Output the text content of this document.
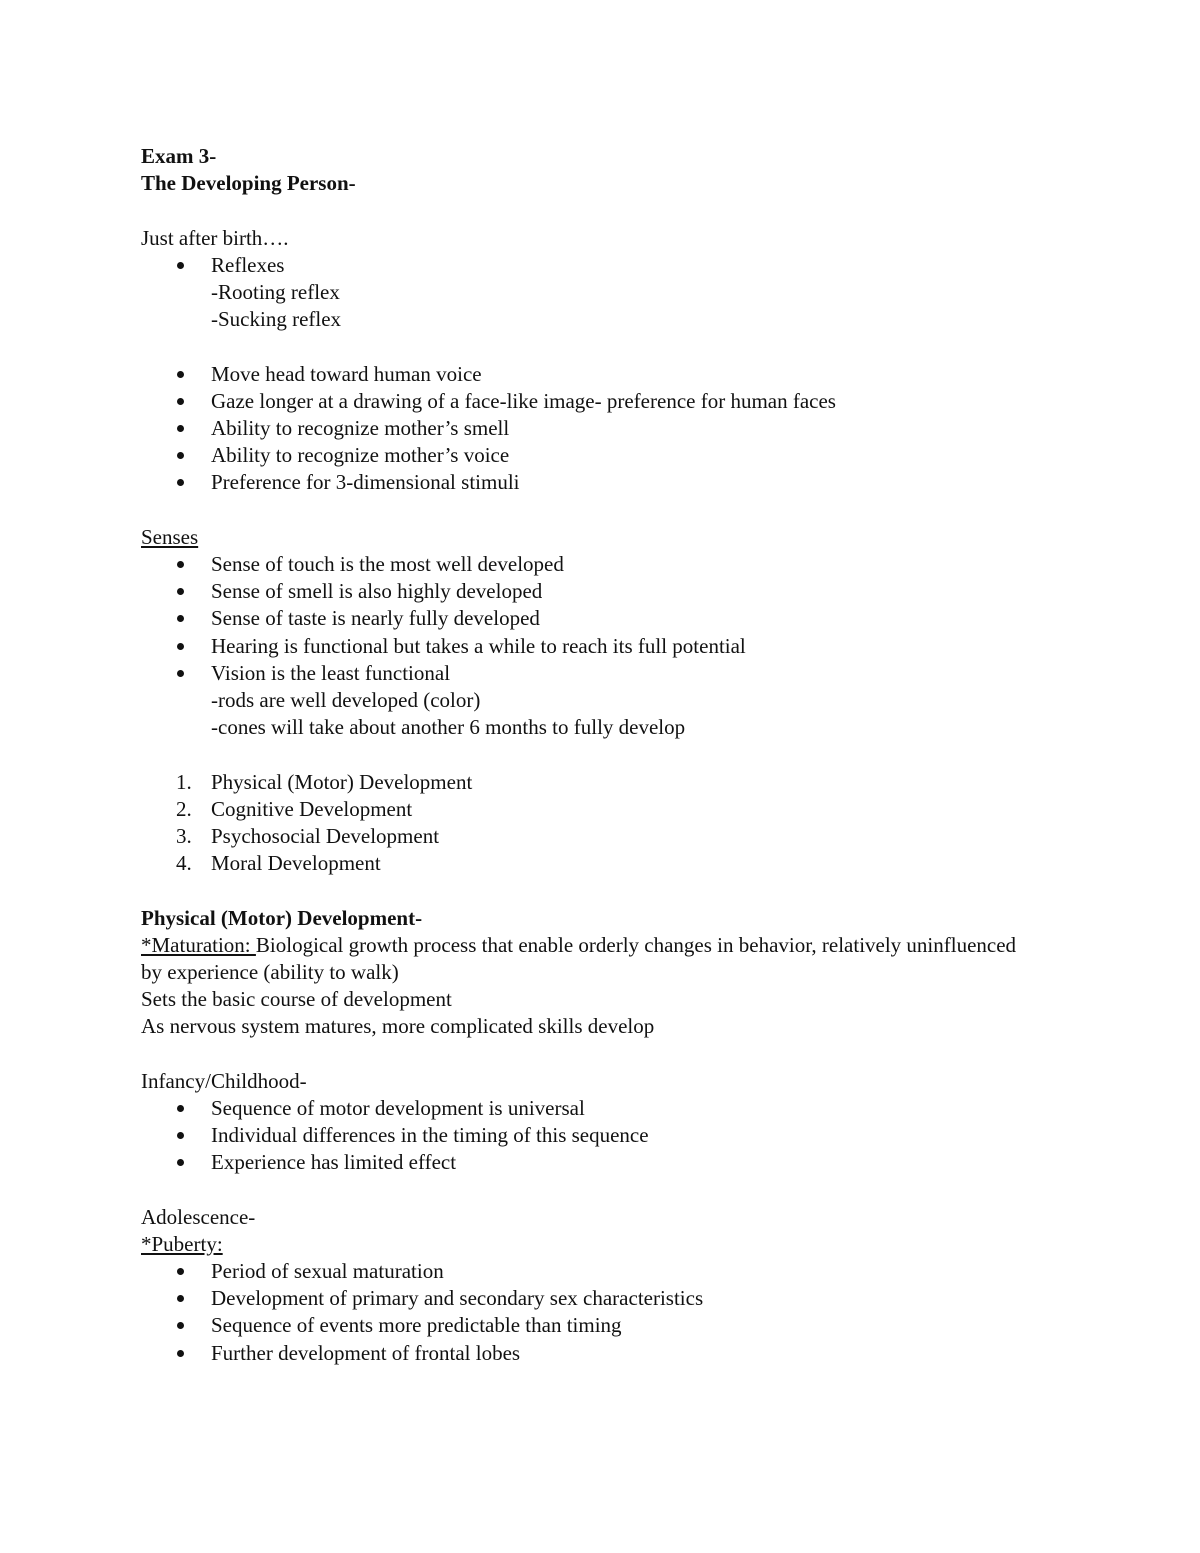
Exam 3-
The Developing Person-
Just after birth….
Reflexes
-Rooting reflex
-Sucking reflex
Move head toward human voice
Gaze longer at a drawing of a face-like image- preference for human faces
Ability to recognize mother’s smell
Ability to recognize mother’s voice
Preference for 3-dimensional stimuli
Senses
Sense of touch is the most well developed
Sense of smell is also highly developed
Sense of taste is nearly fully developed
Hearing is functional but takes a while to reach its full potential
Vision is the least functional
-rods are well developed (color)
-cones will take about another 6 months to fully develop
1. Physical (Motor) Development
2. Cognitive Development
3. Psychosocial Development
4. Moral Development
Physical (Motor) Development-
*Maturation: Biological growth process that enable orderly changes in behavior, relatively uninfluenced by experience (ability to walk)
Sets the basic course of development
As nervous system matures, more complicated skills develop
Infancy/Childhood-
Sequence of motor development is universal
Individual differences in the timing of this sequence
Experience has limited effect
Adolescence-
*Puberty:
Period of sexual maturation
Development of primary and secondary sex characteristics
Sequence of events more predictable than timing
Further development of frontal lobes
